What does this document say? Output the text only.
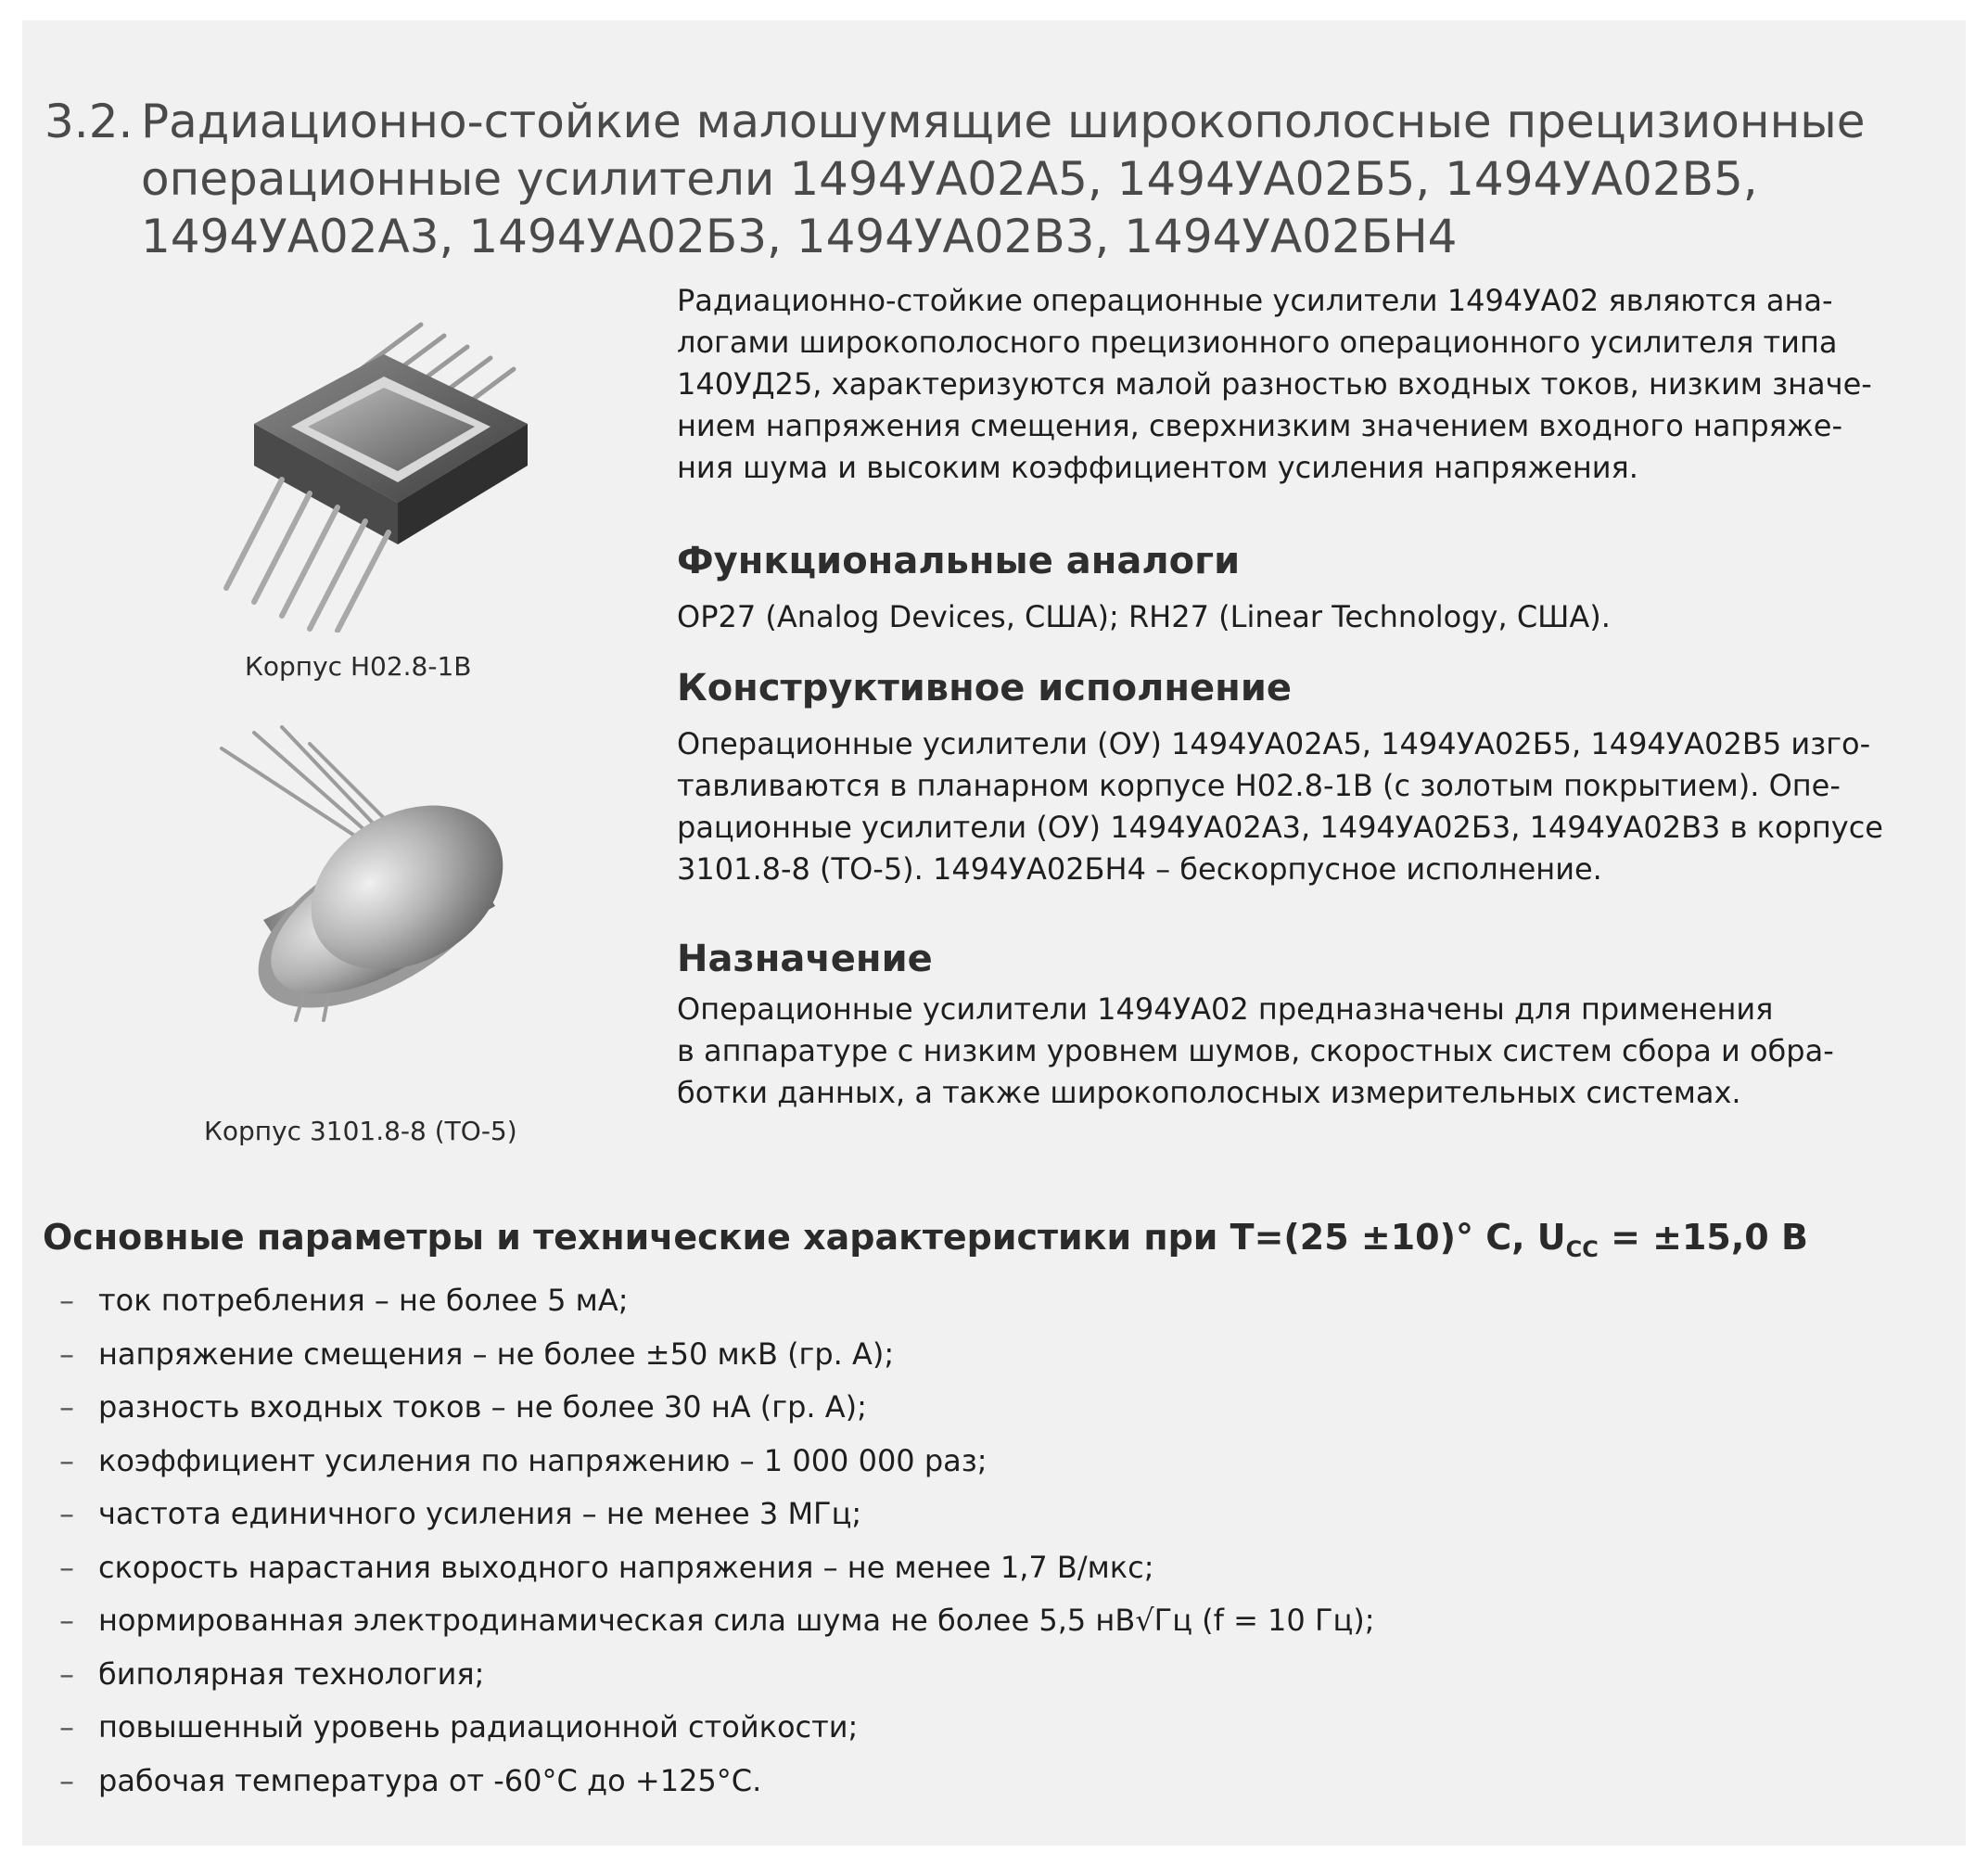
3.2. Радиационно-стойкие малошумящие широкополосные прецизионные
операционные усилители 1494УА02А5, 1494УА02Б5, 1494УА02В5,
1494УА02А3, 1494УА02Б3, 1494УА02В3, 1494УА02БН4
Корпус Н02.8-1В
Корпус 3101.8-8 (ТО-5)

Радиационно-стойкие операционные усилители 1494УА02 являются ана-

логами широкополосного прецизионного операционного усилителя типа

140УД25, характеризуются малой разностью входных токов, низким значе-

нием напряжения смещения, сверхнизким значением входного напряже-

ния шума и высоким коэффициентом усиления напряжения.

Функциональные аналоги

OP27 (Analog Devices, США); RH27 (Linear Technology, США).

Конструктивное исполнение

Операционные усилители (ОУ) 1494УА02А5, 1494УА02Б5, 1494УА02В5 изго-

тавливаются в планарном корпусе Н02.8-1В (с золотым покрытием). Опе-

рационные усилители (ОУ) 1494УА02А3, 1494УА02Б3, 1494УА02В3 в корпусе

3101.8-8 (ТО-5). 1494УА02БН4 – бескорпусное исполнение.

Назначение

Операционные усилители 1494УА02 предназначены для применения

в аппаратуре с низким уровнем шумов, скоростных систем сбора и обра-

ботки данных, а также широкополосных измерительных системах.

Основные параметры и технические характеристики при Т=(25 ±10)° С, $U_{СС} = \pm 15,0$ В
– ток потребления – не более 5 мА;
– напряжение смещения – не более ±50 мкВ (гр. А);
– разность входных токов – не более 30 нА (гр. А);
– коэффициент усиления по напряжению – 1 000 000 раз;
– частота единичного усиления – не менее 3 МГц;
– скорость нарастания выходного напряжения – не менее 1,7 В/мкс;
– нормированная электродинамическая сила шума не более 5,5 нВ√Гц (f = 10 Гц);
– биполярная технология;
– повышенный уровень радиационной стойкости;
– рабочая температура от -60°С до +125°С.
